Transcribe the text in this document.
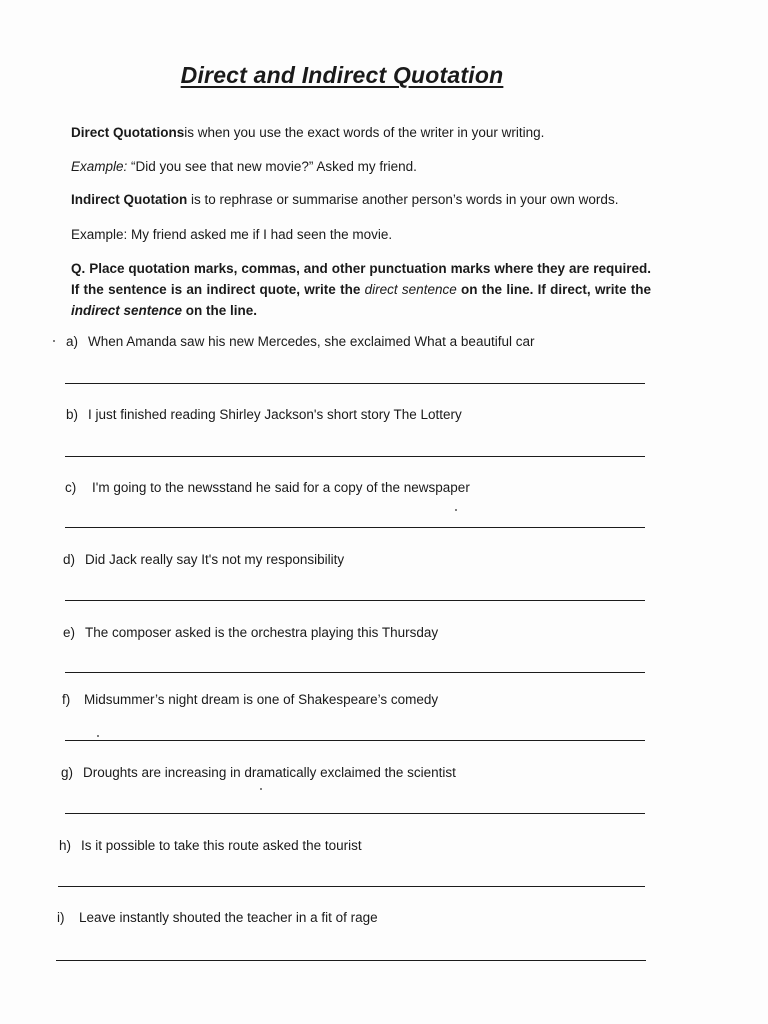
Direct and Indirect Quotation
Direct Quotationsis when you use the exact words of the writer in your writing.
Example: “Did you see that new movie?” Asked my friend.
Indirect Quotation is to rephrase or summarise another person’s words in your own words.
Example: My friend asked me if I had seen the movie.
Q. Place quotation marks, commas, and other punctuation marks where they are required. If the sentence is an indirect quote, write the direct sentence on the line. If direct, write the indirect sentence on the line.
a) When Amanda saw his new Mercedes, she exclaimed What a beautiful car
b) I just finished reading Shirley Jackson's short story The Lottery
c) I'm going to the newsstand he said for a copy of the newspaper
d) Did Jack really say It's not my responsibility
e) The composer asked is the orchestra playing this Thursday
f) Midsummer’s night dream is one of Shakespeare’s comedy
g) Droughts are increasing in dramatically exclaimed the scientist
h) Is it possible to take this route asked the tourist
i) Leave instantly shouted the teacher in a fit of rage
